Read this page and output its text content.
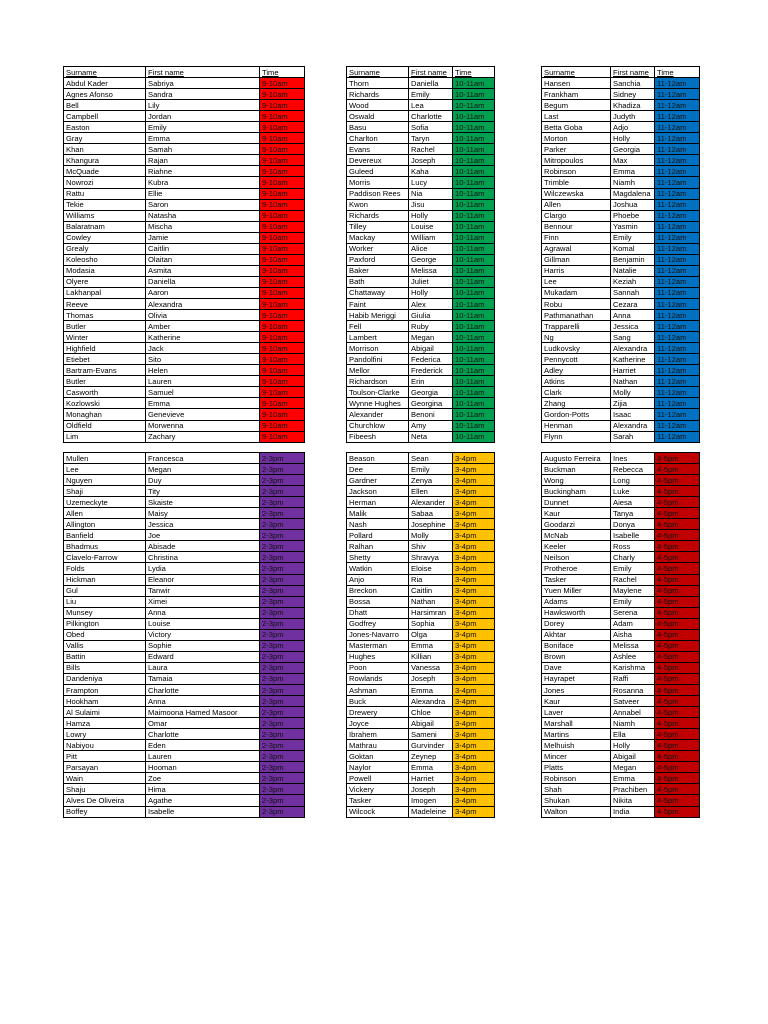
Surname	First name	Time
Abdul Kader	Sabriya	9-10am
Agnes Afonso	Sandra	9-10am
Bell	Lily	9-10am
Campbell	Jordan	9-10am
Easton	Emily	9-10am
Gray	Emma	9-10am
Khan	Samah	9-10am
Khangura	Rajan	9-10am
McQuade	Riahne	9-10am
Nowrozi	Kubra	9-10am
Rattu	Ellie	9-10am
Tekie	Saron	9-10am
Williams	Natasha	9-10am
Balaratnam	Mischa	9-10am
Cowley	Jamie	9-10am
Grealy	Caitlin	9-10am
Koleosho	Olaitan	9-10am
Modasia	Asmita	9-10am
Olyere	Daniella	9-10am
Lakhanpal	Aaron	9-10am
Reeve	Alexandra	9-10am
Thomas	Olivia	9-10am
Butler	Amber	9-10am
Winter	Katherine	9-10am
Highfield	Jack	9-10am
Etiebet	Sito	9-10am
Bartram-Evans	Helen	9-10am
Butler	Lauren	9-10am
Casworth	Samuel	9-10am
Kozlowski	Emma	9-10am
Monaghan	Genevieve	9-10am
Oldfield	Morwenna	9-10am
Lim	Zachary	9-10am
Surname	First name	Time
Thorn	Daniella	10-11am
Richards	Emily	10-11am
Wood	Lea	10-11am
Oswald	Charlotte	10-11am
Basu	Sofia	10-11am
Charlton	Taryn	10-11am
Evans	Rachel	10-11am
Devereux	Joseph	10-11am
Guleed	Kaha	10-11am
Morris	Lucy	10-11am
Paddison Rees	Nia	10-11am
Kwon	Jisu	10-11am
Richards	Holly	10-11am
Tilley	Louise	10-11am
Mackay	William	10-11am
Worker	Alice	10-11am
Paxford	George	10-11am
Baker	Melissa	10-11am
Bath	Juliet	10-11am
Chattaway	Holly	10-11am
Faint	Alex	10-11am
Habib Meriggi	Giulia	10-11am
Fell	Ruby	10-11am
Lambert	Megan	10-11am
Morrison	Abigail	10-11am
Pandolfini	Federica	10-11am
Mellor	Frederick	10-11am
Richardson	Erin	10-11am
Toulson-Clarke	Georgia	10-11am
Wynne Hughes	Georgina	10-11am
Alexander	Benoni	10-11am
Churchlow	Amy	10-11am
Fibeesh	Neta	10-11am
Surname	First name	Time
Hansen	Sanchia	11-12am
Frankham	Sidney	11-12am
Begum	Khadiza	11-12am
Last	Judyth	11-12am
Betta Goba	Adjo	11-12am
Morton	Holly	11-12am
Parker	Georgia	11-12am
Mitropoulos	Max	11-12am
Robinson	Emma	11-12am
Trimble	Niamh	11-12am
Wilczewska	Magdalena	11-12am
Allen	Joshua	11-12am
Clargo	Phoebe	11-12am
Bennour	Yasmin	11-12am
Finn	Emily	11-12am
Agrawal	Komal	11-12am
Gillman	Benjamin	11-12am
Harris	Natalie	11-12am
Lee	Keziah	11-12am
Mukadam	Sannah	11-12am
Robu	Cezara	11-12am
Pathmanathan	Anna	11-12am
Trapparelli	Jessica	11-12am
Ng	Sang	11-12am
Ludkovsky	Alexandra	11-12am
Pennycott	Katherine	11-12am
Adley	Harriet	11-12am
Atkins	Nathan	11-12am
Clark	Molly	11-12am
Zhang	Zijia	11-12am
Gordon-Potts	Isaac	11-12am
Henman	Alexandra	11-12am
Flynn	Sarah	11-12am
Mullen	Francesca	2-3pm
Lee	Megan	2-3pm
Nguyen	Duy	2-3pm
Shaji	Tity	2-3pm
Uzemeckyte	Skaiste	2-3pm
Allen	Maisy	2-3pm
Allington	Jessica	2-3pm
Banfield	Joe	2-3pm
Bhadmus	Abisade	2-3pm
Clavelo-Farrow	Christina	2-3pm
Folds	Lydia	2-3pm
Hickman	Eleanor	2-3pm
Gul	Tanwir	2-3pm
Liu	Ximei	2-3pm
Munsey	Anna	2-3pm
Pilkington	Louise	2-3pm
Obed	Victory	2-3pm
Vallis	Sophie	2-3pm
Battin	Edward	2-3pm
Bills	Laura	2-3pm
Dandeniya	Tamaia	2-3pm
Frampton	Charlotte	2-3pm
Hookham	Anna	2-3pm
Al Sulaimi	Maimoona Hamed Masoor	2-3pm
Hamza	Omar	2-3pm
Lowry	Charlotte	2-3pm
Nabiyou	Eden	2-3pm
Pitt	Lauren	2-3pm
Parsayan	Hooman	2-3pm
Wain	Zoe	2-3pm
Shaju	Hima	2-3pm
Alves De Oliveira	Agathe	2-3pm
Boffey	Isabelle	2-3pm
Beason	Sean	3-4pm
Dee	Emily	3-4pm
Gardner	Zenya	3-4pm
Jackson	Ellen	3-4pm
Herman	Alexander	3-4pm
Malik	Sabaa	3-4pm
Nash	Josephine	3-4pm
Pollard	Molly	3-4pm
Ralhan	Shiv	3-4pm
Shetty	Shravya	3-4pm
Watkin	Eloise	3-4pm
Anjo	Ria	3-4pm
Breckon	Caitlin	3-4pm
Bossa	Nathan	3-4pm
Dhatt	Harsimran	3-4pm
Godfrey	Sophia	3-4pm
Jones-Navarro	Olga	3-4pm
Masterman	Emma	3-4pm
Hughes	Killian	3-4pm
Poon	Vanessa	3-4pm
Rowlands	Joseph	3-4pm
Ashman	Emma	3-4pm
Buck	Alexandra	3-4pm
Drewery	Chloe	3-4pm
Joyce	Abigail	3-4pm
Ibrahem	Sameni	3-4pm
Mathrau	Gurvinder	3-4pm
Goktan	Zeynep	3-4pm
Naylor	Emma	3-4pm
Powell	Harriet	3-4pm
Vickery	Joseph	3-4pm
Tasker	Imogen	3-4pm
Wilcock	Madeleine	3-4pm
Augusto Ferreira	Ines	4-5pm
Buckman	Rebecca	4-5pm
Wong	Long	4-5pm
Buckingham	Luke	4-5pm
Dunnet	Aiesa	4-5pm
Kaur	Tanya	4-5pm
Goodarzi	Donya	4-5pm
McNab	Isabelle	4-5pm
Keeler	Ross	4-5pm
Neilson	Charly	4-5pm
Protheroe	Emily	4-5pm
Tasker	Rachel	4-5pm
Yuen Miller	Maylene	4-5pm
Adams	Emily	4-5pm
Hawksworth	Serena	4-5pm
Dorey	Adam	4-5pm
Akhtar	Aisha	4-5pm
Boniface	Melissa	4-5pm
Brown	Ashlee	4-5pm
Dave	Karishma	4-5pm
Hayrapet	Raffi	4-5pm
Jones	Rosanna	4-5pm
Kaur	Satveer	4-5pm
Laver	Annabel	4-5pm
Marshall	Niamh	4-5pm
Martins	Ella	4-5pm
Melhuish	Holly	4-5pm
Mincer	Abigail	4-5pm
Platts	Megan	4-5pm
Robinson	Emma	4-5pm
Shah	Prachiben	4-5pm
Shukan	Nikita	4-5pm
Walton	India	4-5pm
